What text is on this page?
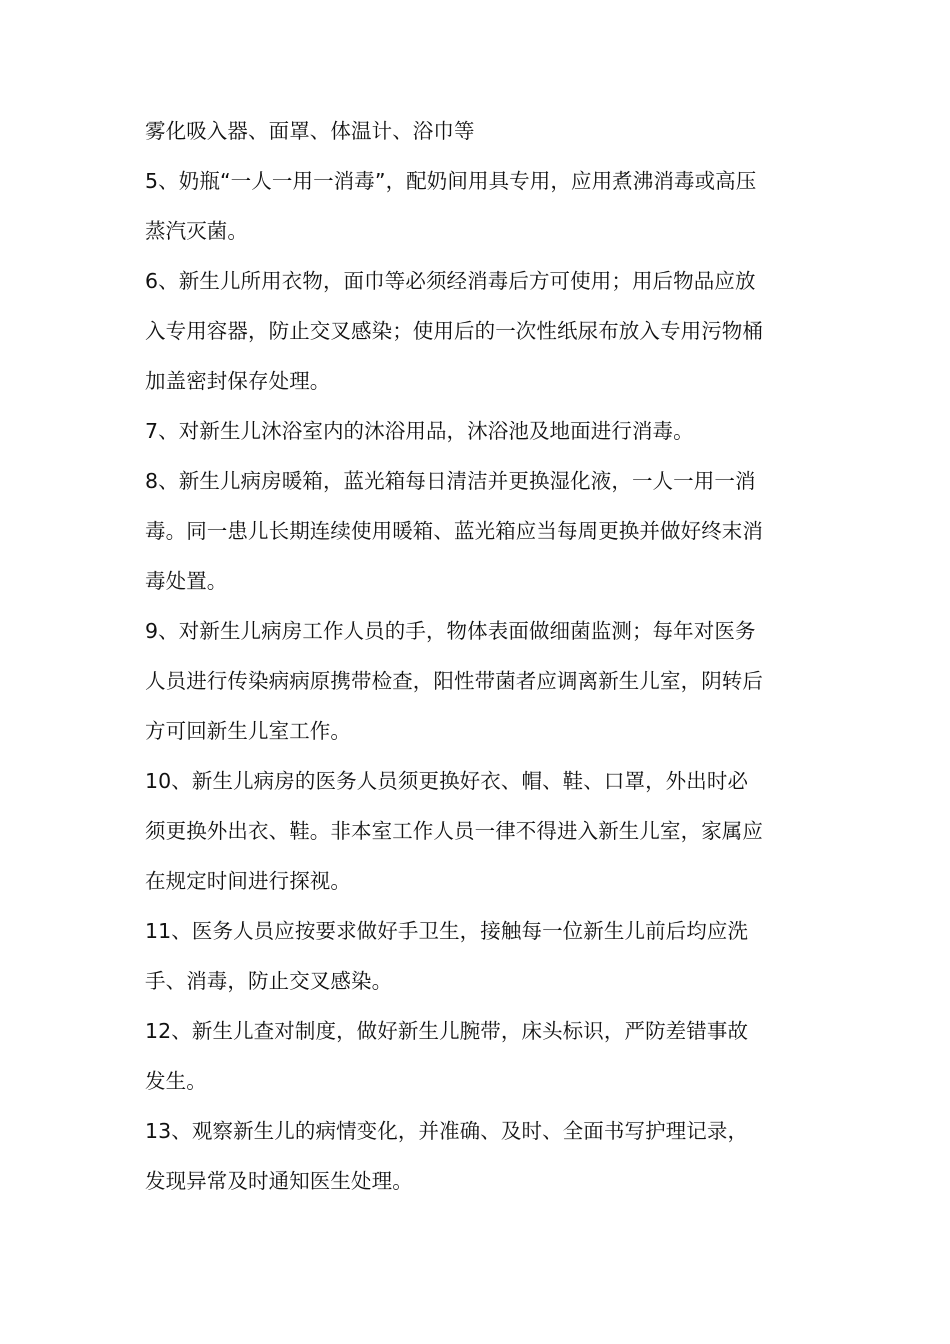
雾化吸入器、面罩、体温计、浴巾等
5、奶瓶“一人一用一消毒”，配奶间用具专用，应用煮沸消毒或高压
蒸汽灭菌。
6、新生儿所用衣物，面巾等必须经消毒后方可使用；用后物品应放
入专用容器，防止交叉感染；使用后的一次性纸尿布放入专用污物桶
加盖密封保存处理。
7、对新生儿沐浴室内的沐浴用品，沐浴池及地面进行消毒。
8、新生儿病房暖箱，蓝光箱每日清洁并更换湿化液，一人一用一消
毒。同一患儿长期连续使用暖箱、蓝光箱应当每周更换并做好终末消
毒处置。
9、对新生儿病房工作人员的手，物体表面做细菌监测；每年对医务
人员进行传染病病原携带检查，阳性带菌者应调离新生儿室，阴转后
方可回新生儿室工作。
10、新生儿病房的医务人员须更换好衣、帽、鞋、口罩，外出时必
须更换外出衣、鞋。非本室工作人员一律不得进入新生儿室，家属应
在规定时间进行探视。
11、医务人员应按要求做好手卫生，接触每一位新生儿前后均应洗
手、消毒，防止交叉感染。
12、新生儿查对制度，做好新生儿腕带，床头标识，严防差错事故
发生。
13、观察新生儿的病情变化，并准确、及时、全面书写护理记录，
发现异常及时通知医生处理。
